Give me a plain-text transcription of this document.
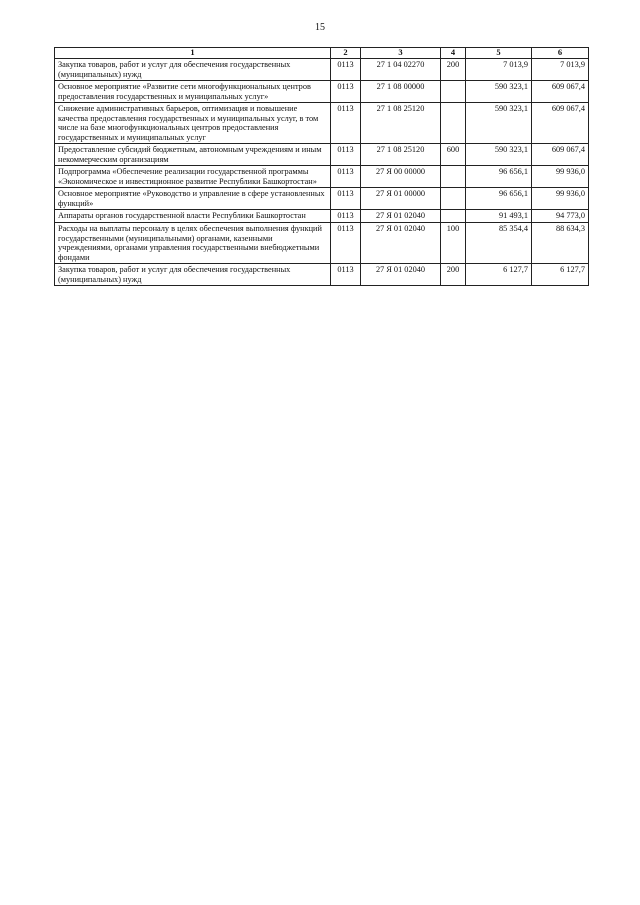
15
1	2	3	4	5	6
Закупка товаров, работ и услуг для обеспечения государственных (муниципальных) нужд	0113	27 1 04 02270	200	7 013,9	7 013,9
Основное мероприятие «Развитие сети многофункциональных центров предоставления государственных и муниципальных услуг»	0113	27 1 08 00000		590 323,1	609 067,4
Снижение административных барьеров, оптимизация и повышение качества предоставления государственных и муниципальных услуг, в том числе на базе многофункциональных центров предоставления государственных и муниципальных услуг	0113	27 1 08 25120		590 323,1	609 067,4
Предоставление субсидий бюджетным, автономным учреждениям и иным некоммерческим организациям	0113	27 1 08 25120	600	590 323,1	609 067,4
Подпрограмма «Обеспечение реализации государственной программы «Экономическое и инвестиционное развитие Республики Башкортостан»	0113	27 Я 00 00000		96 656,1	99 936,0
Основное мероприятие «Руководство и управление в сфере установленных функций»	0113	27 Я 01 00000		96 656,1	99 936,0
Аппараты органов государственной власти Республики Башкортостан	0113	27 Я 01 02040		91 493,1	94 773,0
Расходы на выплаты персоналу в целях обеспечения выполнения функций государственными (муниципальными) органами, казенными учреждениями, органами управления государственными внебюджетными фондами	0113	27 Я 01 02040	100	85 354,4	88 634,3
Закупка товаров, работ и услуг для обеспечения государственных (муниципальных) нужд	0113	27 Я 01 02040	200	6 127,7	6 127,7
